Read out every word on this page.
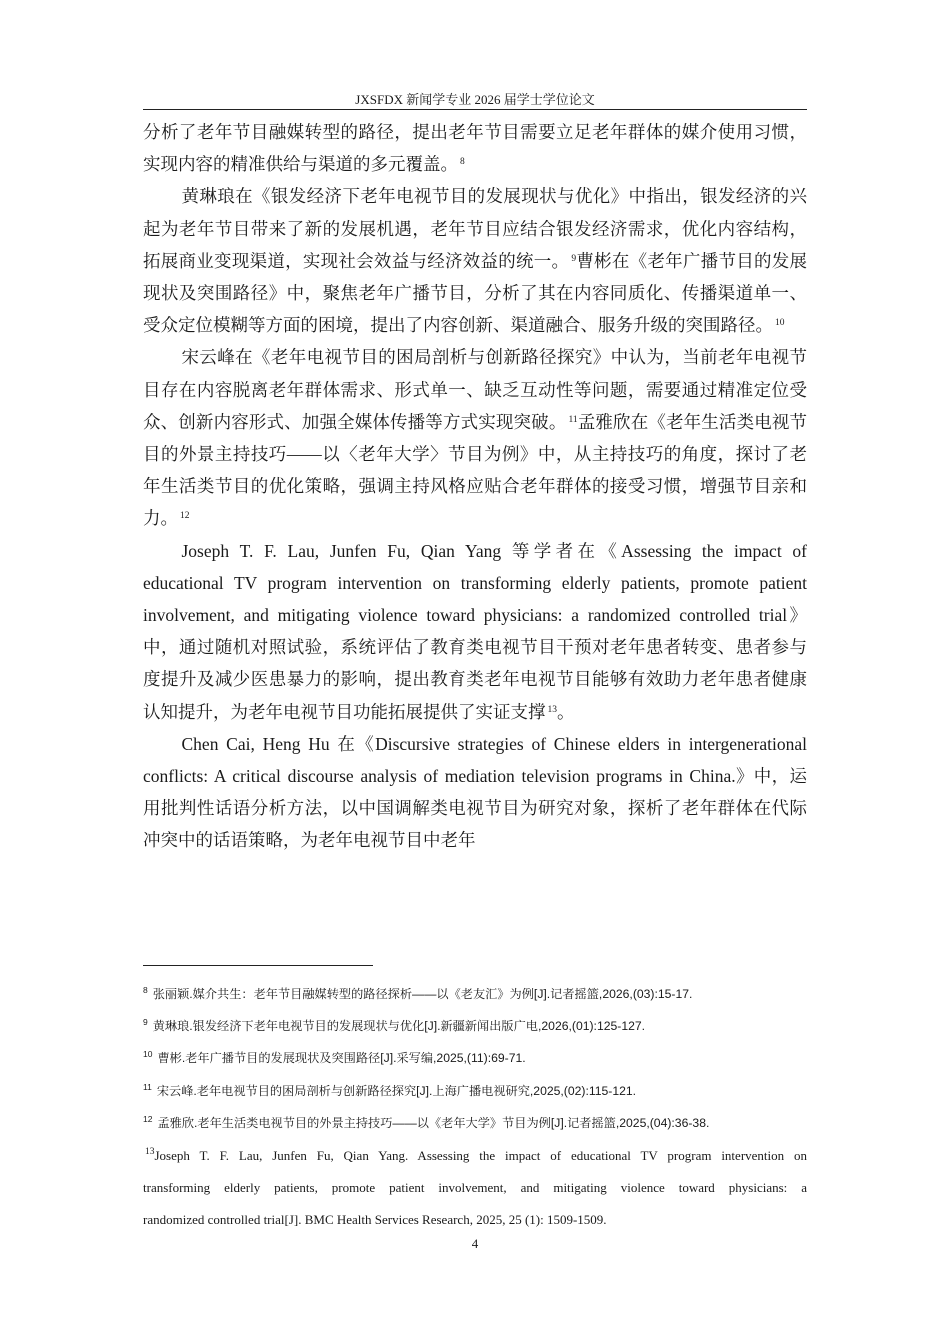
JXSFDX 新闻学专业 2026 届学士学位论文

分析了老年节目融媒转型的路径，提出老年节目需要立足老年群体的媒介使用习惯，实现内容的精准供给与渠道的多元覆盖。 $^8$

黄琳琅在《银发经济下老年电视节目的发展现状与优化》中指出，银发经济的兴起为老年节目带来了新的发展机遇，老年节目应结合银发经济需求，优化内容结构，拓展商业变现渠道，实现社会效益与经济效益的统一。 $^9$曹彬在《老年广播节目的发展现状及突围路径》中，聚焦老年广播节目，分析了其在内容同质化、传播渠道单一、受众定位模糊等方面的困境，提出了内容创新、渠道融合、服务升级的突围路径。 $^{10}$

宋云峰在《老年电视节目的困局剖析与创新路径探究》中认为，当前老年电视节目存在内容脱离老年群体需求、形式单一、缺乏互动性等问题，需要通过精准定位受众、创新内容形式、加强全媒体传播等方式实现突破。 $^{11}$孟雅欣在《老年生活类电视节目的外景主持技巧——以〈老年大学〉节目为例》中，从主持技巧的角度，探讨了老年生活类节目的优化策略，强调主持风格应贴合老年群体的接受习惯，增强节目亲和力。 $^{12}$

Joseph T. F. Lau, Junfen Fu, Qian Yang 等学者在《Assessing the impact of educational TV program intervention on transforming elderly patients, promote patient involvement, and mitigating violence toward physicians: a randomized controlled trial》中，通过随机对照试验，系统评估了教育类电视节目干预对老年患者转变、患者参与度提升及减少医患暴力的影响，提出教育类老年电视节目能够有效助力老年患者健康认知提升，为老年电视节目功能拓展提供了实证支撑 $^{13}$。

Chen Cai, Heng Hu 在《Discursive strategies of Chinese elders in intergenerational conflicts: A critical discourse analysis of mediation television programs in China.》中，运用批判性话语分析方法，以中国调解类电视节目为研究对象，探析了老年群体在代际冲突中的话语策略，为老年电视节目中老年

$^8$ 张丽颖.媒介共生：老年节目融媒转型的路径探析——以《老友汇》为例[J].记者摇篮,2026,(03):15-17.
$^9$ 黄琳琅.银发经济下老年电视节目的发展现状与优化[J].新疆新闻出版广电,2026,(01):125-127.
$^{10}$ 曹彬.老年广播节目的发展现状及突围路径[J].采写编,2025,(11):69-71.
$^{11}$ 宋云峰.老年电视节目的困局剖析与创新路径探究[J].上海广播电视研究,2025,(02):115-121.
$^{12}$ 孟雅欣.老年生活类电视节目的外景主持技巧——以《老年大学》节目为例[J].记者摇篮,2025,(04):36-38.
$^{13}$Joseph T. F. Lau, Junfen Fu, Qian Yang. Assessing the impact of educational TV program intervention on
transforming elderly patients, promote patient involvement, and mitigating violence toward physicians: a
randomized controlled trial[J]. BMC Health Services Research, 2025, 25 (1): 1509-1509.
4
